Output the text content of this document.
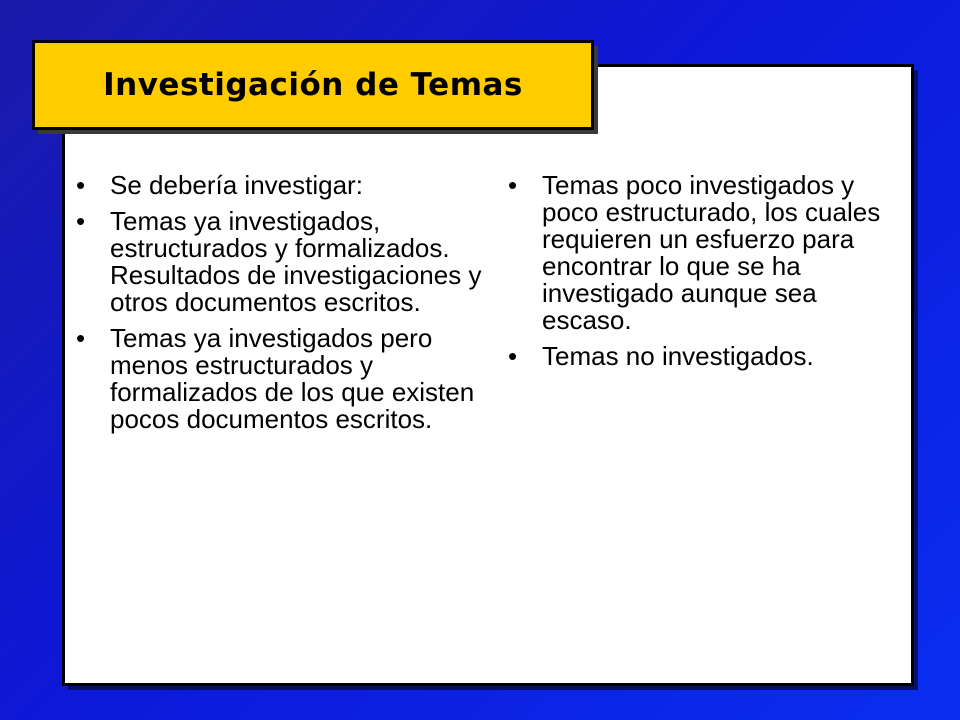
Investigación de Temas
• Se debería investigar:
• Temas ya investigados, estructurados y formalizados. Resultados de investigaciones y otros documentos escritos.
• Temas ya investigados pero menos estructurados y formalizados de los que existen pocos documentos escritos.
• Temas poco investigados y poco estructurado, los cuales requieren un esfuerzo para encontrar lo que se ha investigado aunque sea escaso.
• Temas no investigados.
